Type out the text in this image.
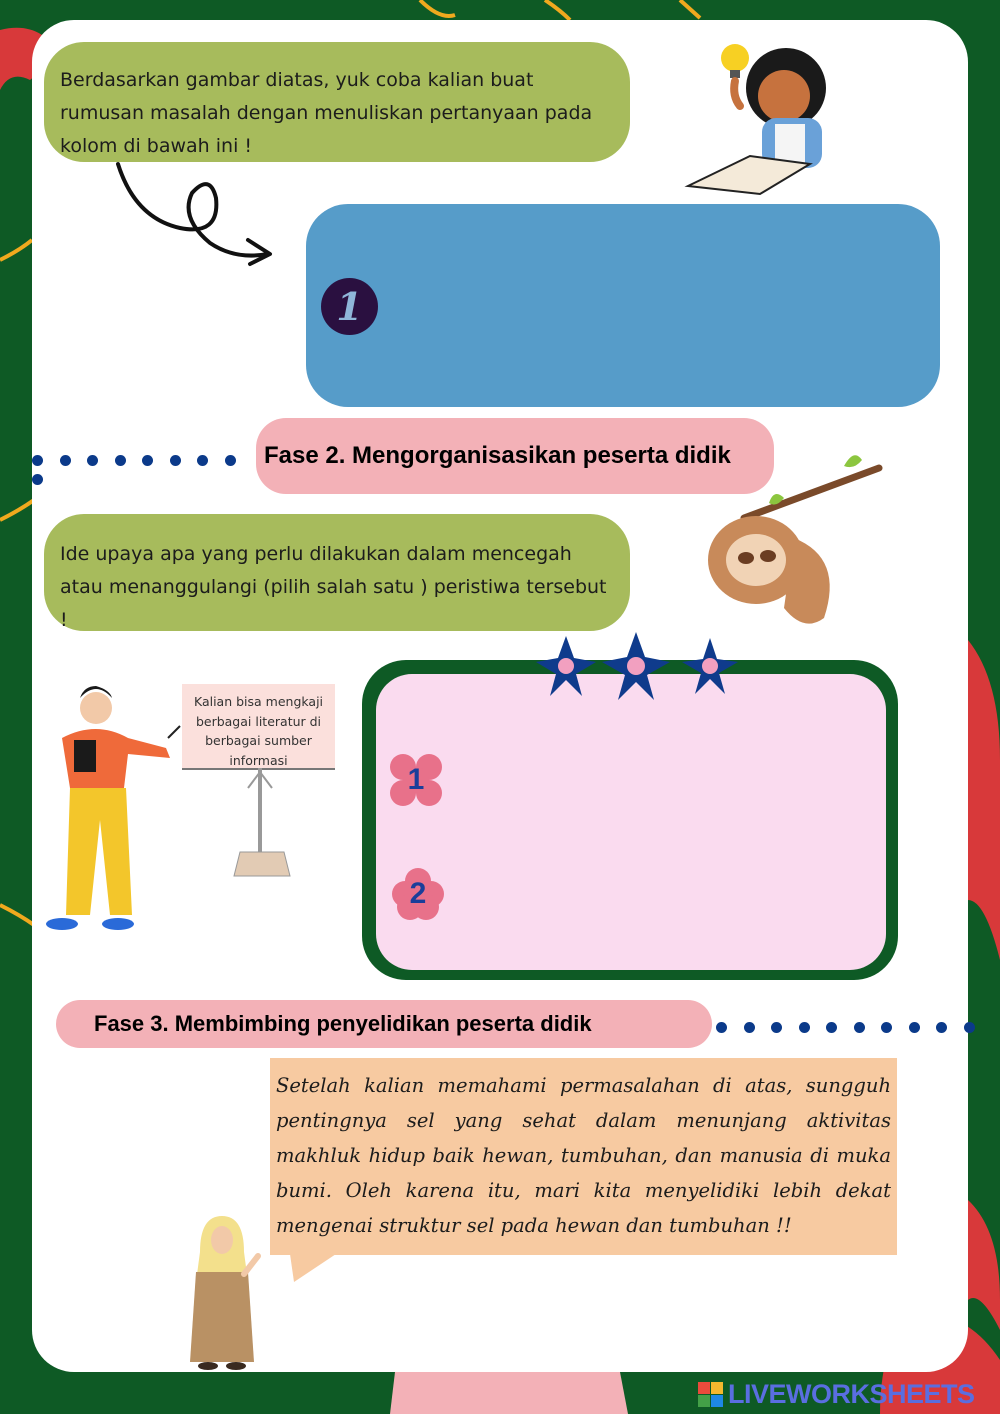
Berdasarkan gambar diatas, yuk coba kalian buat rumusan masalah dengan menuliskan pertanyaan pada kolom di bawah ini !
1
Fase 2. Mengorganisasikan peserta didik
Ide upaya apa yang perlu dilakukan dalam mencegah atau menanggulangi (pilih salah satu ) peristiwa tersebut !
Kalian bisa mengkaji berbagai literatur di berbagai sumber informasi
1
2
Fase 3. Membimbing penyelidikan peserta didik
Setelah kalian memahami permasalahan di atas, sungguh pentingnya sel yang sehat dalam menunjang aktivitas makhluk hidup baik hewan, tumbuhan, dan manusia di muka bumi. Oleh karena itu, mari kita menyelidiki lebih dekat mengenai struktur sel pada hewan dan tumbuhan !!
LIVEWORKSHEETS
